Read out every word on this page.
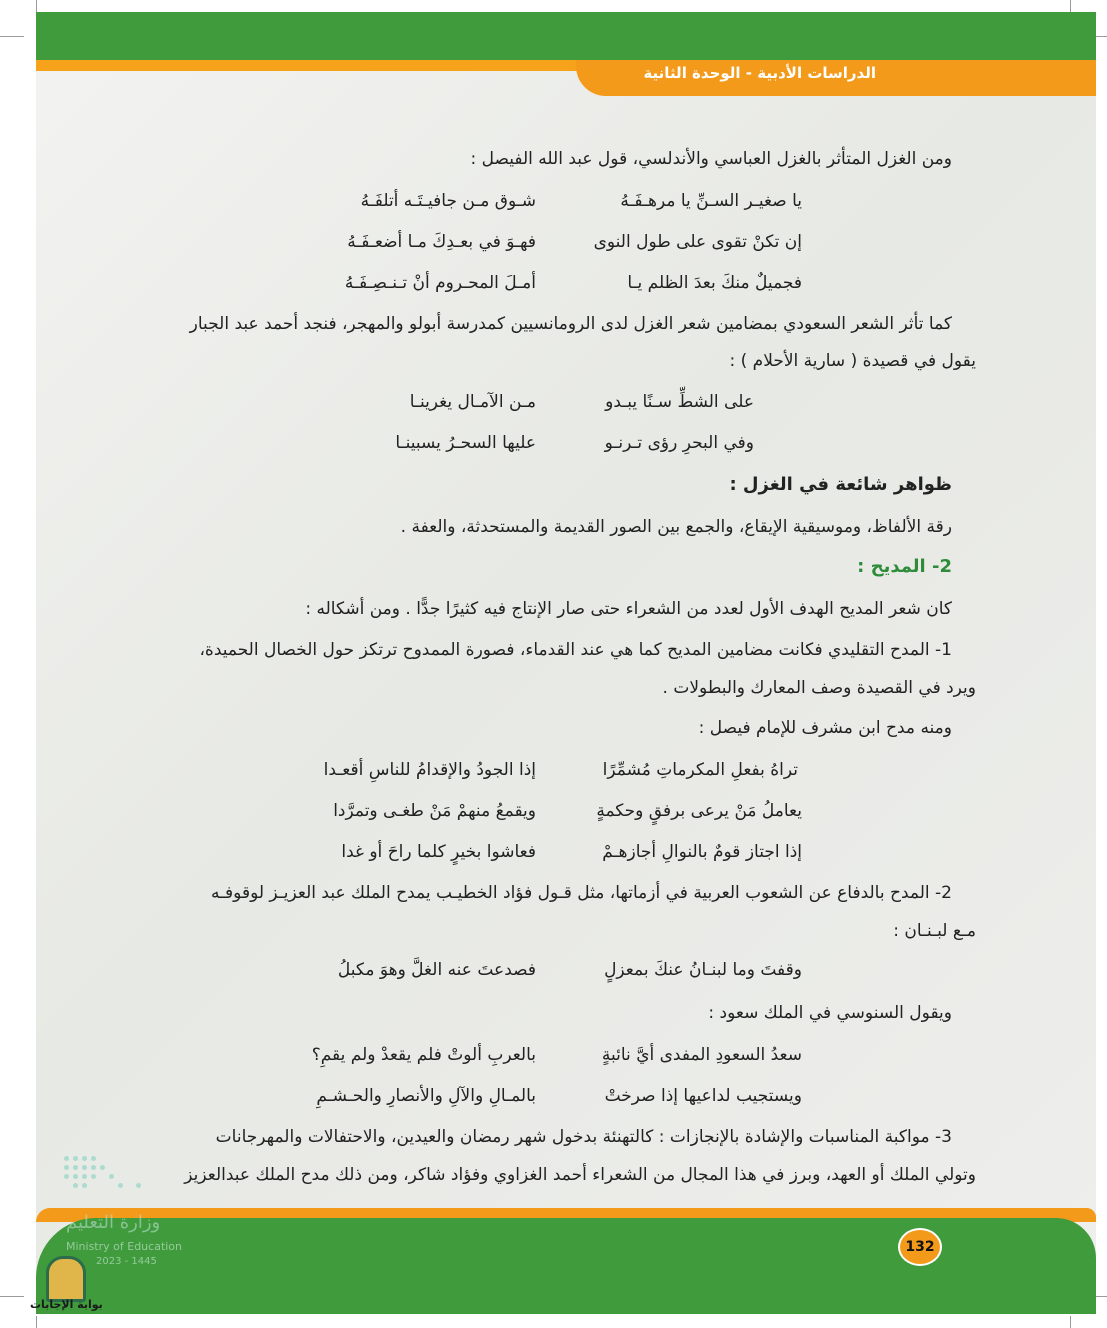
الدراسات الأدبية - الوحدة الثانية
ومن الغزل المتأثر بالغزل العباسي والأندلسي، قول عبد الله الفيصل :
يا صغيـر السـنِّ يا مرهـفَـهُ
شـوق مـن جافيـتَـه أتلفَـهُ
إن تكنْ تقوى على طول النوى
فهـوَ في بعـدِكَ مـا أضعـفَـهُ
فجميلٌ منكَ بعدَ الظلم يـا
أمـلَ المحـروم أنْ تـنـصِـفَـهُ
كما تأثر الشعر السعودي بمضامين شعر الغزل لدى الرومانسيين كمدرسة أبولو والمهجر، فنجد أحمد عبد الجبار
يقول في قصيدة ( سارية الأحلام ) :
على الشطِّ سـنًا يبـدو
مـن الآمـال يغرينـا
وفي البحرِ رؤى تـرنـو
عليها السحـرُ يسبينـا
ظواهر شائعة في الغزل :
رقة الألفاظ، وموسيقية الإيقاع، والجمع بين الصور القديمة والمستحدثة، والعفة .
2- المديح :
كان شعر المديح الهدف الأول لعدد من الشعراء حتى صار الإنتاج فيه كثيرًا جدًّا . ومن أشكاله :
1- المدح التقليدي فكانت مضامين المديح كما هي عند القدماء، فصورة الممدوح ترتكز حول الخصال الحميدة،
ويرد في القصيدة وصف المعارك والبطولات .
ومنه مدح ابن مشرف للإمام فيصل :
تراهُ بفعلِ المكرماتِ مُشمِّرًا
إذا الجودُ والإقدامُ للناسِ أقعـدا
يعاملُ مَنْ يرعى برفقٍ وحكمةٍ
ويقمعُ منهمْ مَنْ طغـى وتمرَّدا
إذا اجتاز قومٌ بالنوالِ أجازهـمْ
فعاشوا بخيرٍ كلما راحَ أو غدا
2- المدح بالدفاع عن الشعوب العربية في أزماتها، مثل قـول فؤاد الخطيـب يمدح الملك عبد العزيـز لوقوفـه
مـع لبـنـان :
وقفتَ وما لبنـانُ عنكَ بمعزلٍ
فصدعتَ عنه الغلَّ وهوَ مكبلُ
ويقول السنوسي في الملك سعود :
سعدُ السعودِ المفدى أيَّ نائبةٍ
بالعربِ ألوتْ فلم يقعدْ ولم يقمِ؟
ويستجيب لداعيها إذا صرختْ
بالمـالِ والآلِ والأنصارِ والحـشـمِ
3- مواكبة المناسبات والإشادة بالإنجازات : كالتهنئة بدخول شهر رمضان والعيدين، والاحتفالات والمهرجانات
وتولي الملك أو العهد، وبرز في هذا المجال من الشعراء أحمد الغزاوي وفؤاد شاكر، ومن ذلك مدح الملك عبدالعزيز
132
وزارة التعليم
Ministry of Education
2023 - 1445
بوابة الإجابات
